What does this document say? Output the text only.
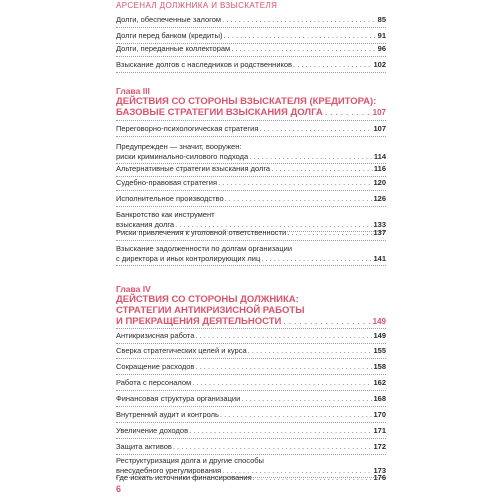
АРСЕНАЛ ДОЛЖНИКА И ВЗЫСКАТЕЛЯ
Долги, обеспеченные залогом . . .	85
Долги перед банком (кредиты) . . .	91
Долги, переданные коллекторам . . .	96
Взыскание долгов с наследников и родственников . . .	102
Глава III
ДЕЙСТВИЯ СО СТОРОНЫ ВЗЫСКАТЕЛЯ (КРЕДИТОРА):
БАЗОВЫЕ СТРАТЕГИИ ВЗЫСКАНИЯ ДОЛГА . . .	107
Переговорно-психологическая стратегия . . .	107
Предупрежден — значит, вооружен:
риски криминально-силового подхода . . .	114
Альтернативные стратегии взыскания долга . . .	116
Судебно-правовая стратегия . . .	120
Исполнительное производство . . .	126
Банкротство как инструмент
взыскания долга . . .	133
Риски привлечения к уголовной ответственности . . .	137
Взыскание задолженности по долгам организации
с директора и иных контролирующих лиц . . .	141
Глава IV
ДЕЙСТВИЯ СО СТОРОНЫ ДОЛЖНИКА:
СТРАТЕГИИ АНТИКРИЗИСНОЙ РАБОТЫ
И ПРЕКРАЩЕНИЯ ДЕЯТЕЛЬНОСТИ . . .	149
Антикризисная работа . . .	149
Сверка стратегических целей и курса . . .	155
Сокращение расходов . . .	158
Работа с персоналом . . .	162
Финансовая структура организации . . .	168
Внутренний аудит и контроль . . .	170
Увеличение доходов . . .	171
Защита активов . . .	172
Реструктуризация долга и другие способы
внесудебного урегулирования . . .	173
Где искать источники финансирования . . .	176
6
